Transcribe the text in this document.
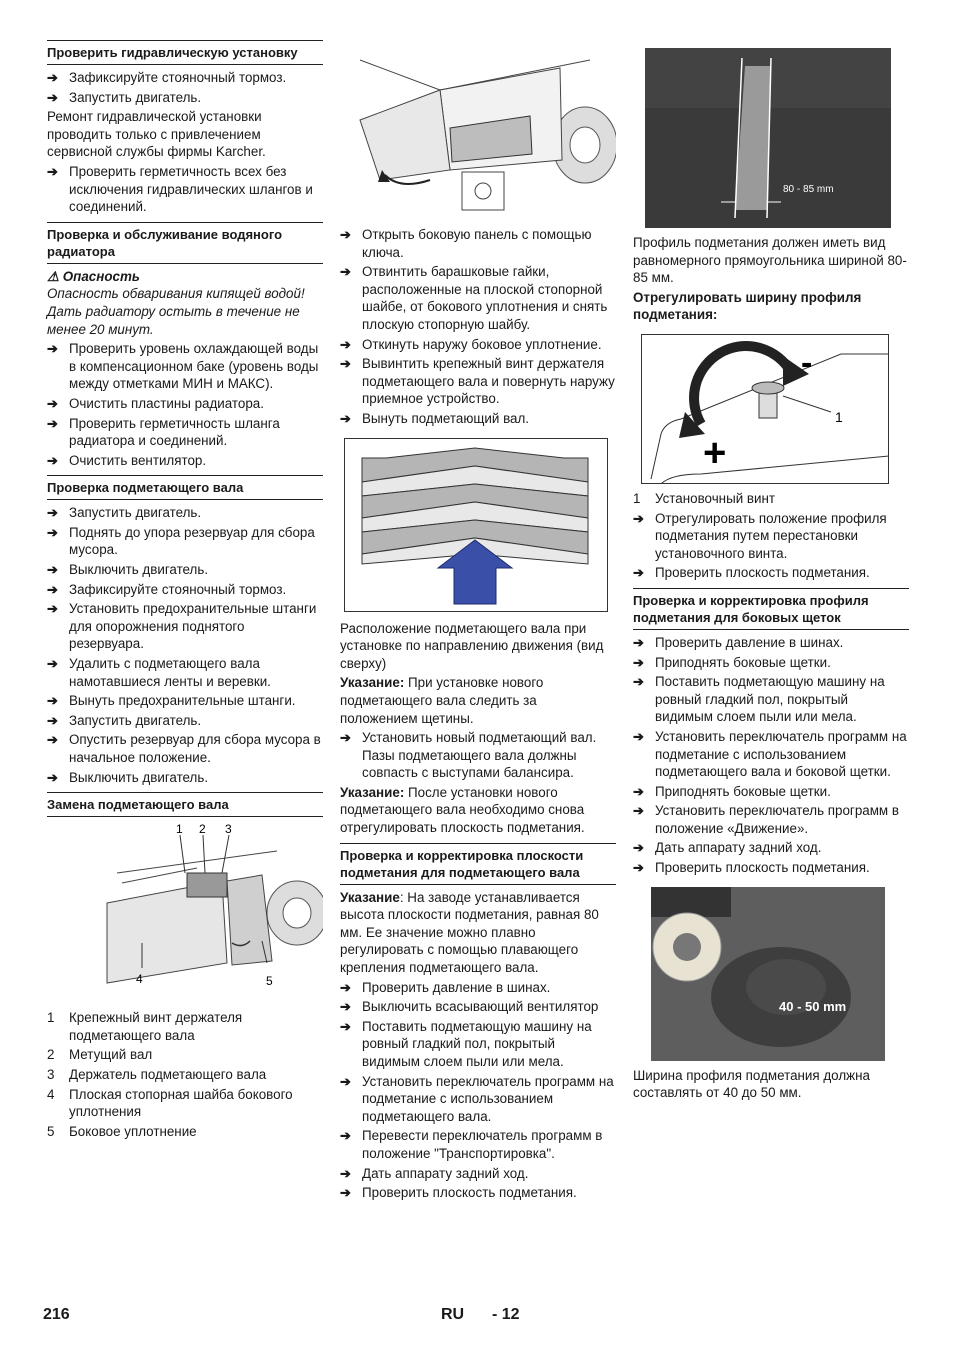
Проверить гидравлическую установку
➔ Зафиксируйте стояночный тормоз.
➔ Запустить двигатель.

Ремонт гидравлической установки проводить только с привлечением сервисной службы фирмы Karcher.

➔ Проверить герметичность всех без исключения гидравлических шлангов и соединений.
Проверка и обслуживание водяного радиатора
⚠ Опасность

Опасность обваривания кипящей водой! Дать радиатору остыть в течение не менее 20 минут.

➔ Проверить уровень охлаждающей воды в компенсационном баке (уровень воды между отметками МИН и МАКС).
➔ Очистить пластины радиатора.
➔ Проверить герметичность шланга радиатора и соединений.
➔ Очистить вентилятор.
Проверка подметающего вала
➔ Запустить двигатель.
➔ Поднять до упора резервуар для сбора мусора.
➔ Выключить двигатель.
➔ Зафиксируйте стояночный тормоз.
➔ Установить предохранительные штанги для опорожнения поднятого резервуара.
➔ Удалить с подметающего вала намотавшиеся ленты и веревки.
➔ Вынуть предохранительные штанги.
➔ Запустить двигатель.
➔ Опустить резервуар для сбора мусора в начальное положение.
➔ Выключить двигатель.
Замена подметающего вала
1 2 3
4	5
1	Крепежный винт держателя подметающего вала
2	Метущий вал
3	Держатель подметающего вала
4	Плоская стопорная шайба бокового уплотнения
5	Боковое уплотнение
➔ Открыть боковую панель с помощью ключа.
➔ Отвинтить барашковые гайки, расположенные на плоской стопорной шайбе, от бокового уплотнения и снять плоскую стопорную шайбу.
➔ Откинуть наружу боковое уплотнение.
➔ Вывинтить крепежный винт держателя подметающего вала и повернуть наружу приемное устройство.
➔ Вынуть подметающий вал.

Расположение подметающего вала при установке по направлению движения (вид сверху)

Указание: При установке нового подметающего вала следить за положением щетины.

➔ Установить новый подметающий вал. Пазы подметающего вала должны совпасть с выступами балансира.

Указание: После установки нового подметающего вала необходимо снова отрегулировать плоскость подметания.

Проверка и корректировка плоскости подметания для подметающего вала

Указание: На заводе устанавливается высота плоскости подметания, равная 80 мм. Ее значение можно плавно регулировать с помощью плавающего крепления подметающего вала.

➔ Проверить давление в шинах.
➔ Выключить всасывающий вентилятор
➔ Поставить подметающую машину на ровный гладкий пол, покрытый видимым слоем пыли или мела.
➔ Установить переключатель программ на подметание с использованием подметающего вала.
➔ Перевести переключатель программ в положение "Транспортировка".
➔ Дать аппарату задний ход.
➔ Проверить плоскость подметания.
80 - 85 mm

Профиль подметания должен иметь вид равномерного прямоугольника шириной 80-85 мм.

Отрегулировать ширину профиля подметания:

-
+
1
1	Установочный винт
➔ Отрегулировать положение профиля подметания путем перестановки установочного винта.
➔ Проверить плоскость подметания.
Проверка и корректировка профиля подметания для боковых щеток
➔ Проверить давление в шинах.
➔ Приподнять боковые щетки.
➔ Поставить подметающую машину на ровный гладкий пол, покрытый видимым слоем пыли или мела.
➔ Установить переключатель программ на подметание с использованием подметающего вала и боковой щетки.
➔ Приподнять боковые щетки.
➔ Установить переключатель программ в положение «Движение».
➔ Дать аппарату задний ход.
➔ Проверить плоскость подметания.
40 - 50 mm

Ширина профиля подметания должна составлять от 40 до 50 мм.

216	RU - 12
